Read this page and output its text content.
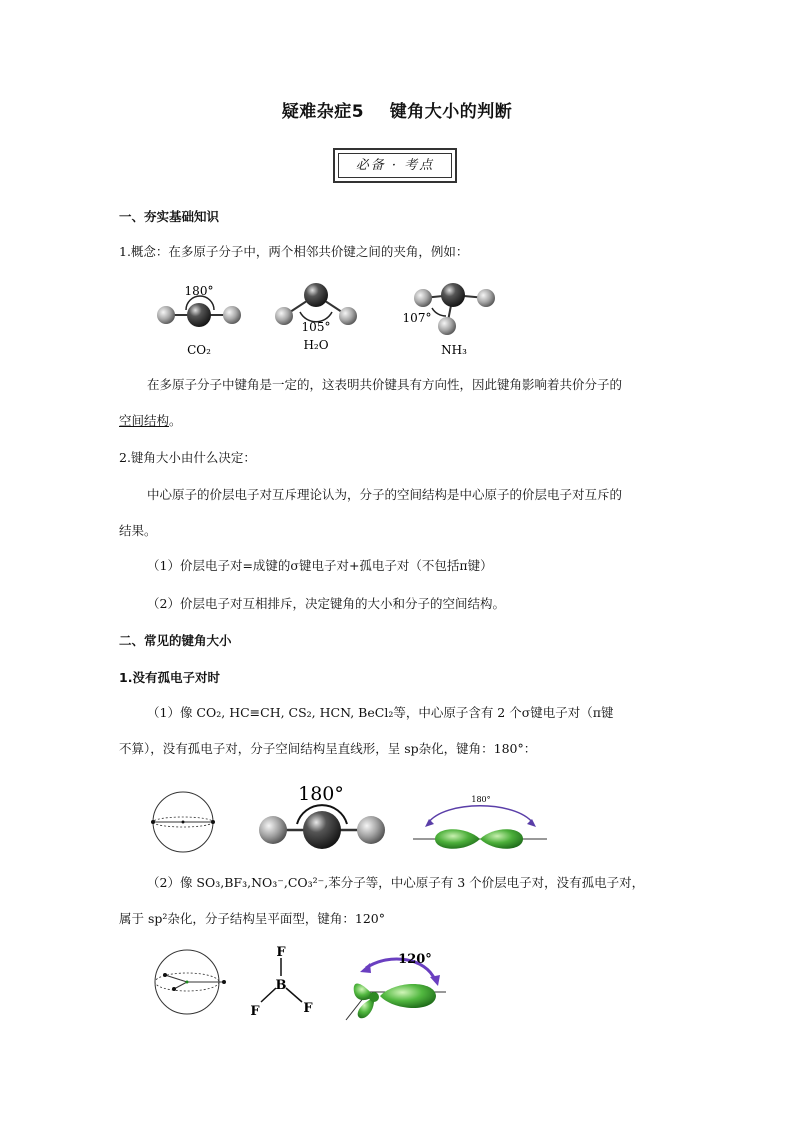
疑难杂症5    键角大小的判断
必备 · 考点
一、夯实基础知识
1.概念：在多原子分子中，两个相邻共价键之间的夹角，例如：
180°
CO₂
105°
H₂O
107°
NH₃
在多原子分子中键角是一定的，这表明共价键具有方向性，因此键角影响着共价分子的
空间结构。
2.键角大小由什么决定：
中心原子的价层电子对互斥理论认为，分子的空间结构是中心原子的价层电子对互斥的
结果。
（1）价层电子对=成键的σ键电子对+孤电子对（不包括π键）
（2）价层电子对互相排斥，决定键角的大小和分子的空间结构。
二、常见的键角大小
1.没有孤电子对时
（1）像 CO₂, HC≡CH, CS₂, HCN, BeCl₂等，中心原子含有 2 个σ键电子对（π键
不算），没有孤电子对，分子空间结构呈直线形，呈 sp杂化，键角：180°：
180°	180°
（2）像 SO₃,BF₃,NO₃⁻,CO₃²⁻,苯分子等，中心原子有 3 个价层电子对，没有孤电子对，
属于 sp²杂化，分子结构呈平面型，键角：120°
F
B
F	F
120°
